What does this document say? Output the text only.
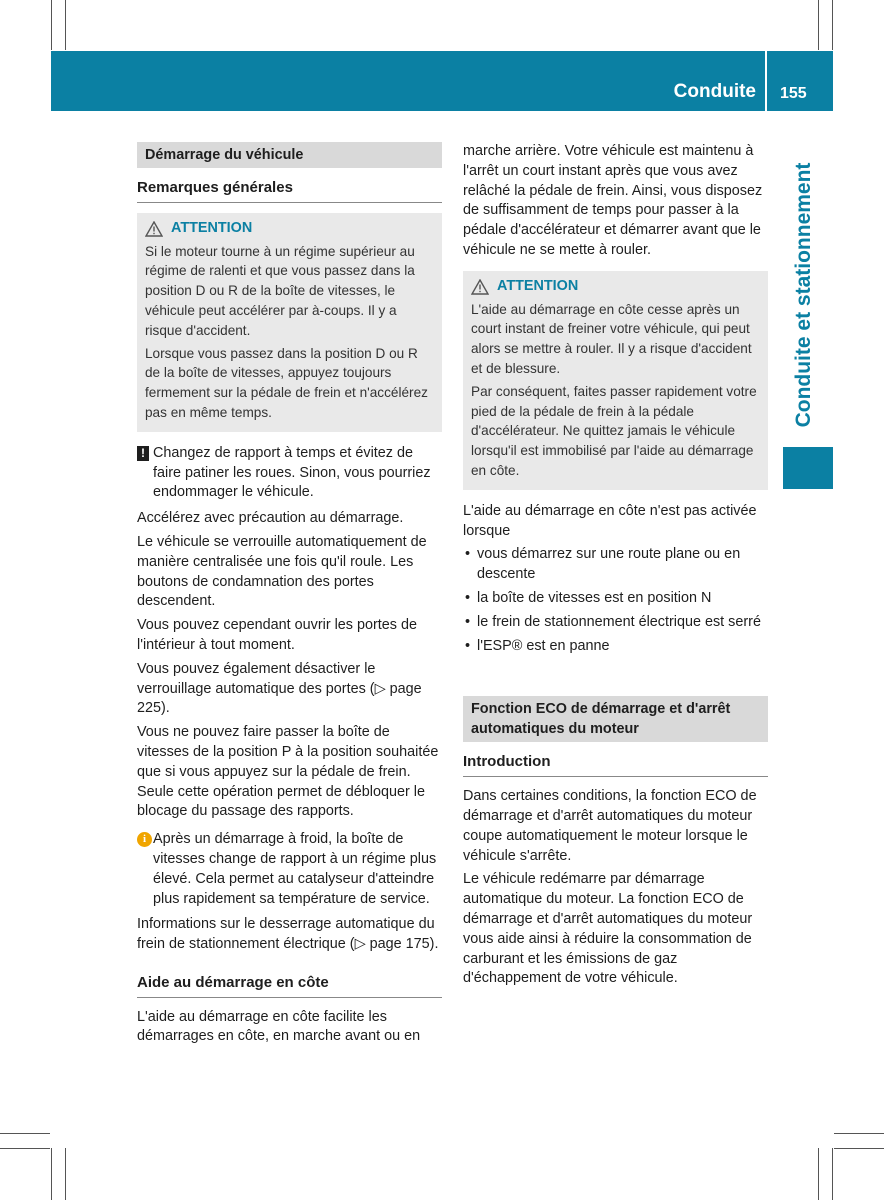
Conduite 155
Conduite et stationnement
Démarrage du véhicule
Remarques générales
ATTENTION

Si le moteur tourne à un régime supérieur au régime de ralenti et que vous passez dans la position D ou R de la boîte de vitesses, le véhicule peut accélérer par à-coups. Il y a risque d'accident.

Lorsque vous passez dans la position D ou R de la boîte de vitesses, appuyez toujours fermement sur la pédale de frein et n'accélérez pas en même temps.

! Changez de rapport à temps et évitez de faire patiner les roues. Sinon, vous pourriez endommager le véhicule.

Accélérez avec précaution au démarrage.

Le véhicule se verrouille automatiquement de manière centralisée une fois qu'il roule. Les boutons de condamnation des portes descendent.

Vous pouvez cependant ouvrir les portes de l'intérieur à tout moment.

Vous pouvez également désactiver le verrouillage automatique des portes (▷ page 225).

Vous ne pouvez faire passer la boîte de vitesses de la position P à la position souhaitée que si vous appuyez sur la pédale de frein. Seule cette opération permet de débloquer le blocage du passage des rapports.

i Après un démarrage à froid, la boîte de vitesses change de rapport à un régime plus élevé. Cela permet au catalyseur d'atteindre plus rapidement sa température de service.

Informations sur le desserrage automatique du frein de stationnement électrique (▷ page 175).

Aide au démarrage en côte

L'aide au démarrage en côte facilite les démarrages en côte, en marche avant ou en

marche arrière. Votre véhicule est maintenu à l'arrêt un court instant après que vous avez relâché la pédale de frein. Ainsi, vous disposez de suffisamment de temps pour passer à la pédale d'accélérateur et démarrer avant que le véhicule ne se mette à rouler.

ATTENTION

L'aide au démarrage en côte cesse après un court instant de freiner votre véhicule, qui peut alors se mettre à rouler. Il y a risque d'accident et de blessure.

Par conséquent, faites passer rapidement votre pied de la pédale de frein à la pédale d'accélérateur. Ne quittez jamais le véhicule lorsqu'il est immobilisé par l'aide au démarrage en côte.

L'aide au démarrage en côte n'est pas activée lorsque

• vous démarrez sur une route plane ou en descente
• la boîte de vitesses est en position N
• le frein de stationnement électrique est serré
• l'ESP® est en panne
Fonction ECO de démarrage et d'arrêt automatiques du moteur
Introduction

Dans certaines conditions, la fonction ECO de démarrage et d'arrêt automatiques du moteur coupe automatiquement le moteur lorsque le véhicule s'arrête.

Le véhicule redémarre par démarrage automatique du moteur. La fonction ECO de démarrage et d'arrêt automatiques du moteur vous aide ainsi à réduire la consommation de carburant et les émissions de gaz d'échappement de votre véhicule.
